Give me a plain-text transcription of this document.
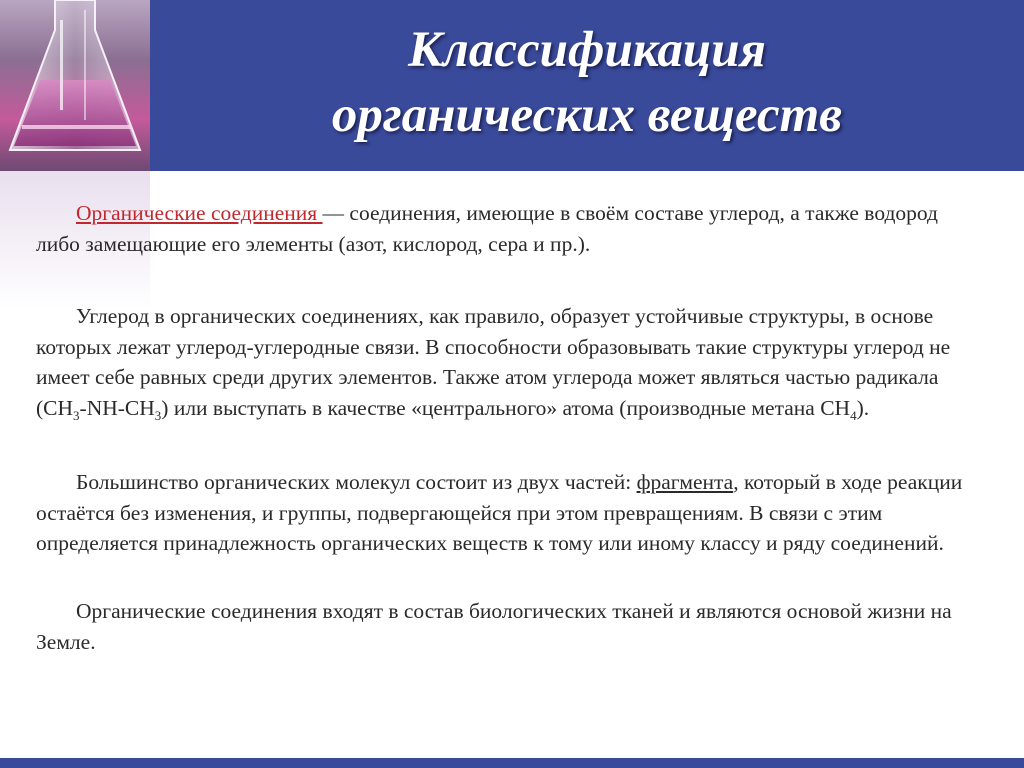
Классификация
органических веществ
Органические соединения — соединения, имеющие в своём составе углерод, а также водород либо замещающие его элементы (азот, кислород, сера и пр.).
Углерод в органических соединениях, как правило, образует устойчивые структуры, в основе которых лежат углерод-углеродные связи. В способности образовывать такие структуры углерод не имеет себе равных среди других элементов. Также атом углерода может являться частью радикала $(CH_3-NH-CH_3)$ или выступать в качестве «центрального» атома (производные метана $CH_4$).
Большинство органических молекул состоит из двух частей: фрагмента, который в ходе реакции остаётся без изменения, и группы, подвергающейся при этом превращениям. В связи с этим определяется принадлежность органических веществ к тому или иному классу и ряду соединений.
Органические соединения входят в состав биологических тканей и являются основой жизни на Земле.
